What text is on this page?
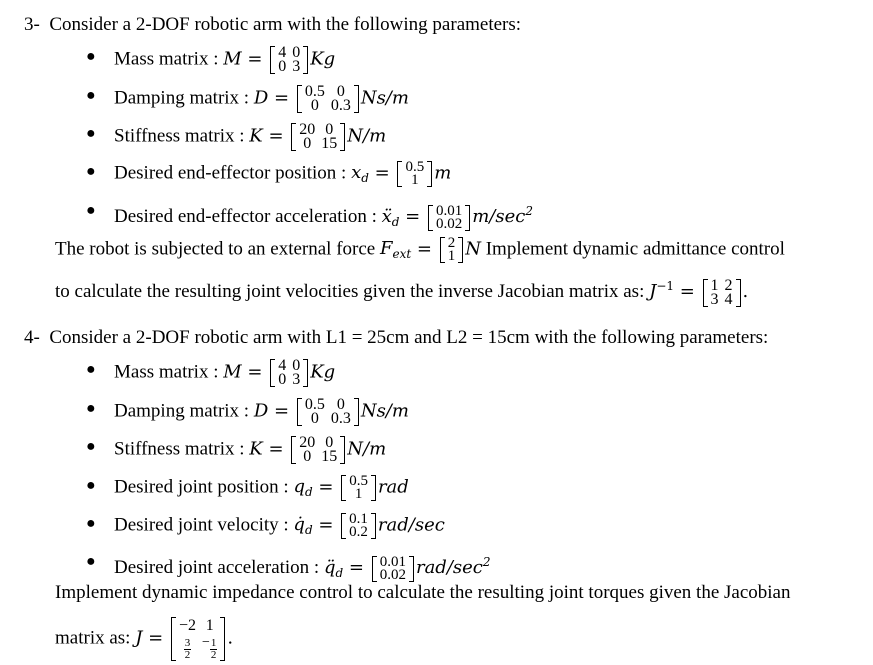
3- Consider a 2-DOF robotic arm with the following parameters:
● Mass matrix : M = 4	0
0	3 Kg
● Damping matrix : D = 0.5	0
0	0.3 Ns/m
● Stiffness matrix : K = 20	0
0	15 N/m
● Desired end-effector position : $x_d = 0.5$
1 m
● Desired end-effector acceleration : ẍ$_d$ = 0.01
0.02 $m/\sec^2$
The robot is subjected to an external force $F_{ext} = 2$
1 N Implement dynamic admittance control
to calculate the resulting joint velocities given the inverse Jacobian matrix as: $J^{-1} = 1$	2
3	4 .
4- Consider a 2-DOF robotic arm with L1 = 25cm and L2 = 15cm with the following parameters:
● Mass matrix : M = 4	0
0	3 Kg
● Damping matrix : D = 0.5	0
0	0.3 Ns/m
● Stiffness matrix : K = 20	0
0	15 N/m
● Desired joint position : $q_d = 0.5$
1 rad
● Desired joint velocity : $q̇_d = 0.1$
0.2 rad/sec
● Desired joint acceleration : $q̈_d = 0.01$
0.02 rad/$\sec^2$
Implement dynamic impedance control to calculate the resulting joint torques given the Jacobian
matrix as: J =
−2	1

$\frac{3}{2}$	− $\frac{1}{2}$
.
